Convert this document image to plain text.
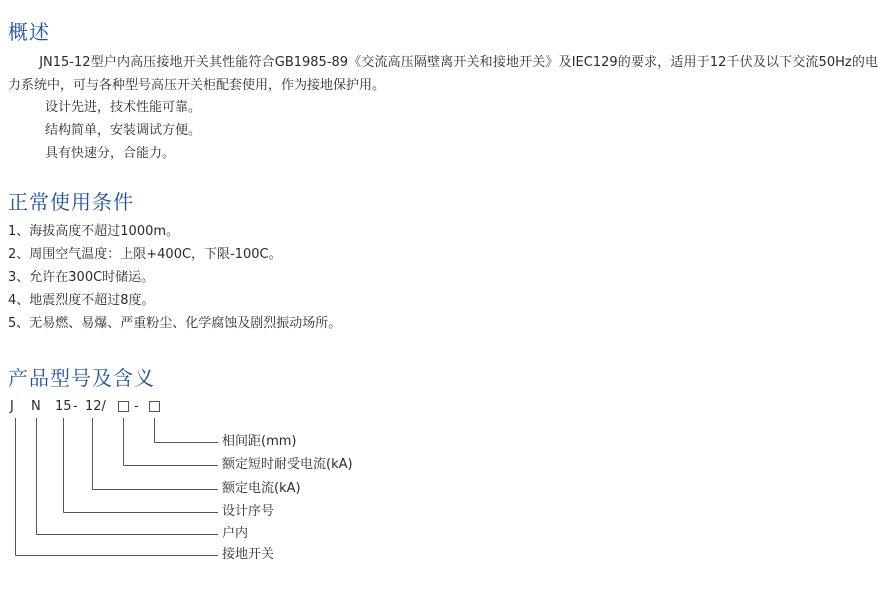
概述

JN15-12型户内高压接地开关其性能符合GB1985-89《交流高压隔壁离开关和接地开关》及IEC129的要求，适用于12千伏及以下交流50Hz的电力系统中，可与各种型号高压开关柜配套使用，作为接地保护用。

设计先进，技术性能可靠。

结构简单，安装调试方便。

具有快速分，合能力。

正常使用条件

1、海拔高度不超过1000m。

2、周围空气温度：上限+400C，下限-100C。

3、允许在300C时储运。

4、地震烈度不超过8度。

5、无易燃、易爆、严重粉尘、化学腐蚀及剧烈振动场所。

产品型号及含义
J N 15 - 12/ -
相间距(mm)
额定短时耐受电流(kA)
额定电流(kA)
设计序号
户内
接地开关
